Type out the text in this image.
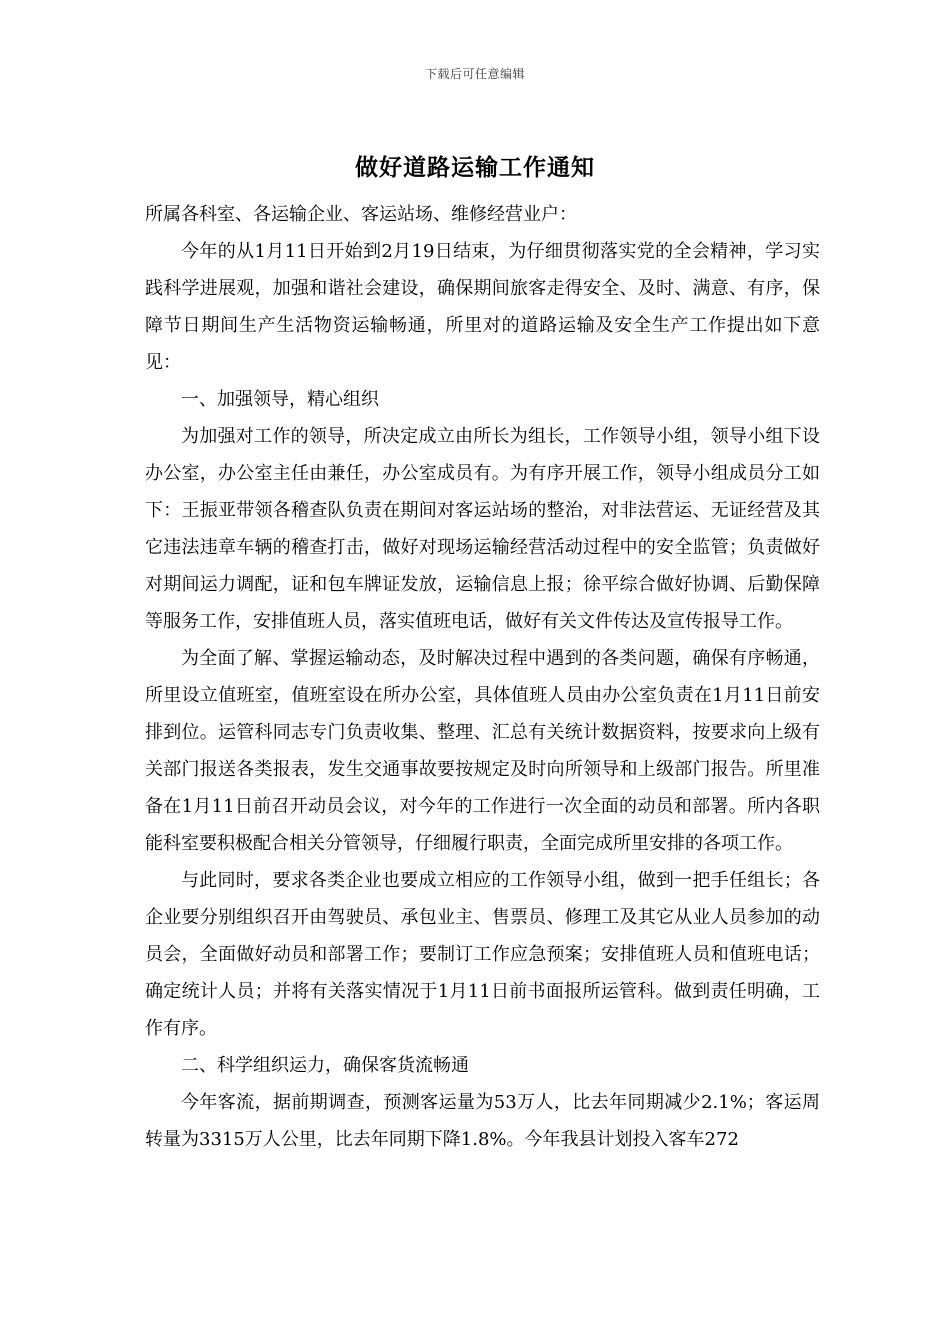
下载后可任意编辑
做好道路运输工作通知

所属各科室、各运输企业、客运站场、维修经营业户：

今年的从1月11日开始到2月19日结束，为仔细贯彻落实党的全会精神，学习实践科学进展观，加强和谐社会建设，确保期间旅客走得安全、及时、满意、有序，保障节日期间生产生活物资运输畅通，所里对的道路运输及安全生产工作提出如下意见：

一、加强领导，精心组织

为加强对工作的领导，所决定成立由所长为组长，工作领导小组，领导小组下设办公室，办公室主任由兼任，办公室成员有。为有序开展工作，领导小组成员分工如下：王振亚带领各稽查队负责在期间对客运站场的整治，对非法营运、无证经营及其它违法违章车辆的稽查打击，做好对现场运输经营活动过程中的安全监管；负责做好对期间运力调配，证和包车牌证发放，运输信息上报；徐平综合做好协调、后勤保障等服务工作，安排值班人员，落实值班电话，做好有关文件传达及宣传报导工作。

为全面了解、掌握运输动态，及时解决过程中遇到的各类问题，确保有序畅通，所里设立值班室，值班室设在所办公室，具体值班人员由办公室负责在1月11日前安排到位。运管科同志专门负责收集、整理、汇总有关统计数据资料，按要求向上级有关部门报送各类报表，发生交通事故要按规定及时向所领导和上级部门报告。所里准备在1月11日前召开动员会议，对今年的工作进行一次全面的动员和部署。所内各职能科室要积极配合相关分管领导，仔细履行职责，全面完成所里安排的各项工作。

与此同时，要求各类企业也要成立相应的工作领导小组，做到一把手任组长；各企业要分别组织召开由驾驶员、承包业主、售票员、修理工及其它从业人员参加的动员会，全面做好动员和部署工作；要制订工作应急预案；安排值班人员和值班电话；确定统计人员；并将有关落实情况于1月11日前书面报所运管科。做到责任明确，工作有序。

二、科学组织运力，确保客货流畅通

今年客流，据前期调查，预测客运量为53万人，比去年同期减少2.1%；客运周转量为3315万人公里，比去年同期下降1.8%。今年我县计划投入客车272
